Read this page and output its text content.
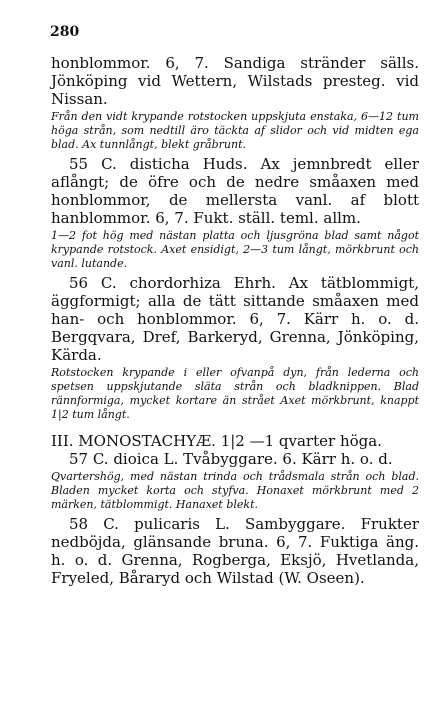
280

honblommor. 6, 7. Sandiga stränder sälls. Jönköping vid Wettern, Wilstads presteg. vid Nissan.

Från den vidt krypande rotstocken uppskjuta enstaka, 6—12 tum höga strån, som nedtill äro täckta af slidor och vid midten ega blad. Ax tunnlångt, blekt gråbrunt.

55 C. disticha Huds. Ax jemnbredt eller aflångt; de öfre och de nedre småaxen med honblommor, de mellersta vanl. af blott hanblommor. 6, 7. Fukt. ställ. teml. allm.

1—2 fot hög med nästan platta och ljusgröna blad samt något krypande rotstock. Axet ensidigt, 2—3 tum långt, mörkbrunt och vanl. lutande.

56 C. chordorhiza Ehrh. Ax tätblommigt, äggformigt; alla de tätt sittande småaxen med han- och honblommor. 6, 7. Kärr h. o. d. Bergqvara, Dref, Barkeryd, Grenna, Jönköping, Kärda.

Rotstocken krypande i eller ofvanpå dyn, från lederna och spetsen uppskjutande släta strån och bladknippen. Blad rännformiga, mycket kortare än strået Axet mörkbrunt, knappt 1|2 tum långt.

III. MONOSTACHYÆ. 1|2 —1 qvarter höga.

57 C. dioica L. Tvåbyggare. 6. Kärr h. o. d.

Qvartershög, med nästan trinda och trådsmala strån och blad. Bladen mycket korta och styfva. Honaxet mörkbrunt med 2 märken, tätblommigt. Hanaxet blekt.

58 C. pulicaris L. Sambyggare. Frukter nedböjda, glänsande bruna. 6, 7. Fuktiga äng. h. o. d. Grenna, Rogberga, Eksjö, Hvetlanda, Fryeled, Båraryd och Wilstad (W. Oseen).
